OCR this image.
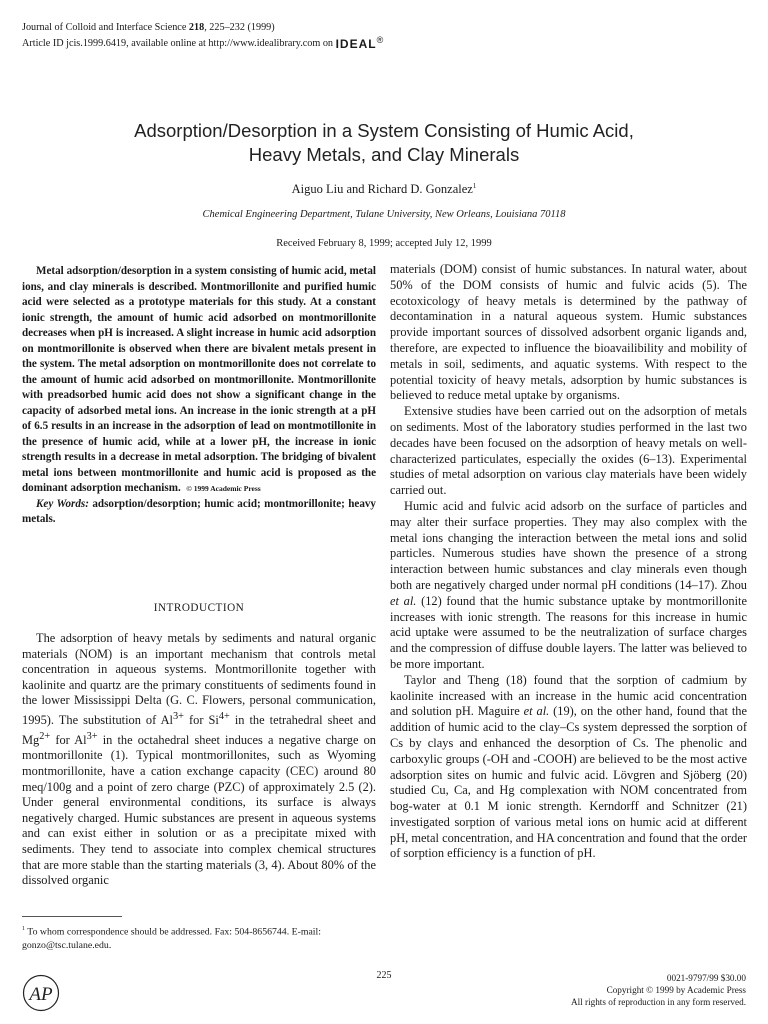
Journal of Colloid and Interface Science 218, 225–232 (1999)
Article ID jcis.1999.6419, available online at http://www.idealibrary.com on IDEAL®
Adsorption/Desorption in a System Consisting of Humic Acid,
Heavy Metals, and Clay Minerals
Aiguo Liu and Richard D. Gonzalez$^1$
Chemical Engineering Department, Tulane University, New Orleans, Louisiana 70118
Received February 8, 1999; accepted July 12, 1999

Metal adsorption/desorption in a system consisting of humic acid, metal ions, and clay minerals is described. Montmorillonite and purified humic acid were selected as a prototype materials for this study. At a constant ionic strength, the amount of humic acid adsorbed on montmorillonite decreases when pH is increased. A slight increase in humic acid adsorption on montmorillonite is observed when there are bivalent metals present in the system. The metal adsorption on montmorillonite does not correlate to the amount of humic acid adsorbed on montmorillonite. Montmorillonite with preadsorbed humic acid does not show a significant change in the capacity of adsorbed metal ions. An increase in the ionic strength at a pH of 6.5 results in an increase in the adsorption of lead on montmotillonite in the presence of humic acid, while at a lower pH, the increase in ionic strength results in a decrease in metal adsorption. The bridging of bivalent metal ions between montmorillonite and humic acid is proposed as the dominant adsorption mechanism. © 1999 Academic Press

Key Words: adsorption/desorption; humic acid; montmorillonite; heavy metals.

INTRODUCTION

The adsorption of heavy metals by sediments and natural organic materials (NOM) is an important mechanism that controls metal concentration in aqueous systems. Montmorillonite together with kaolinite and quartz are the primary constituents of sediments found in the lower Mississippi Delta (G. C. Flowers, personal communication, 1995). The substitution of $Al^{3+}$ for $Si^{4+}$ in the tetrahedral sheet and $Mg^{2+}$ for $Al^{3+}$ in the octahedral sheet induces a negative charge on montmorillonite (1). Typical montmorillonites, such as Wyoming montmorillonite, have a cation exchange capacity (CEC) around 80 meq/100g and a point of zero charge (PZC) of approximately 2.5 (2). Under general environmental conditions, its surface is always negatively charged. Humic substances are present in aqueous systems and can exist either in solution or as a precipitate mixed with sediments. They tend to associate into complex chemical structures that are more stable than the starting materials (3, 4). About 80% of the dissolved organic

$^1$ To whom correspondence should be addressed. Fax: 504-8656744. E-mail: gonzo@tsc.tulane.edu.

materials (DOM) consist of humic substances. In natural water, about 50% of the DOM consists of humic and fulvic acids (5). The ecotoxicology of heavy metals is determined by the pathway of decontamination in a natural aqueous system. Humic substances provide important sources of dissolved adsorbent organic ligands and, therefore, are expected to influence the bioavailibility and mobility of metals in soil, sediments, and aquatic systems. With respect to the potential toxicity of heavy metals, adsorption by humic substances is believed to reduce metal uptake by organisms.

Extensive studies have been carried out on the adsorption of metals on sediments. Most of the laboratory studies performed in the last two decades have been focused on the adsorption of heavy metals on well-characterized particulates, especially the oxides (6–13). Experimental studies of metal adsorption on various clay materials have been widely carried out.

Humic acid and fulvic acid adsorb on the surface of particles and may alter their surface properties. They may also complex with the metal ions changing the interaction between the metal ions and solid particles. Numerous studies have shown the presence of a strong interaction between humic substances and clay minerals even though both are negatively charged under normal pH conditions (14–17). Zhou et al. (12) found that the humic substance uptake by montmorillonite increases with ionic strength. The reasons for this increase in humic acid uptake were assumed to be the neutralization of surface charges and the compression of diffuse double layers. The latter was believed to be more important.

Taylor and Theng (18) found that the sorption of cadmium by kaolinite increased with an increase in the humic acid concentration and solution pH. Maguire et al. (19), on the other hand, found that the addition of humic acid to the clay–Cs system depressed the sorption of Cs by clays and enhanced the desorption of Cs. The phenolic and carboxylic groups (-OH and -COOH) are believed to be the most active adsorption sites on humic and fulvic acid. Lövgren and Sjöberg (20) studied Cu, Ca, and Hg complexation with NOM concentrated from bog-water at 0.1 M ionic strength. Kerndorff and Schnitzer (21) investigated sorption of various metal ions on humic acid at different pH, metal concentration, and HA concentration and found that the order of sorption efficiency is a function of pH.

AP
225	0021-9797/99 $30.00
Copyright © 1999 by Academic Press
All rights of reproduction in any form reserved.
